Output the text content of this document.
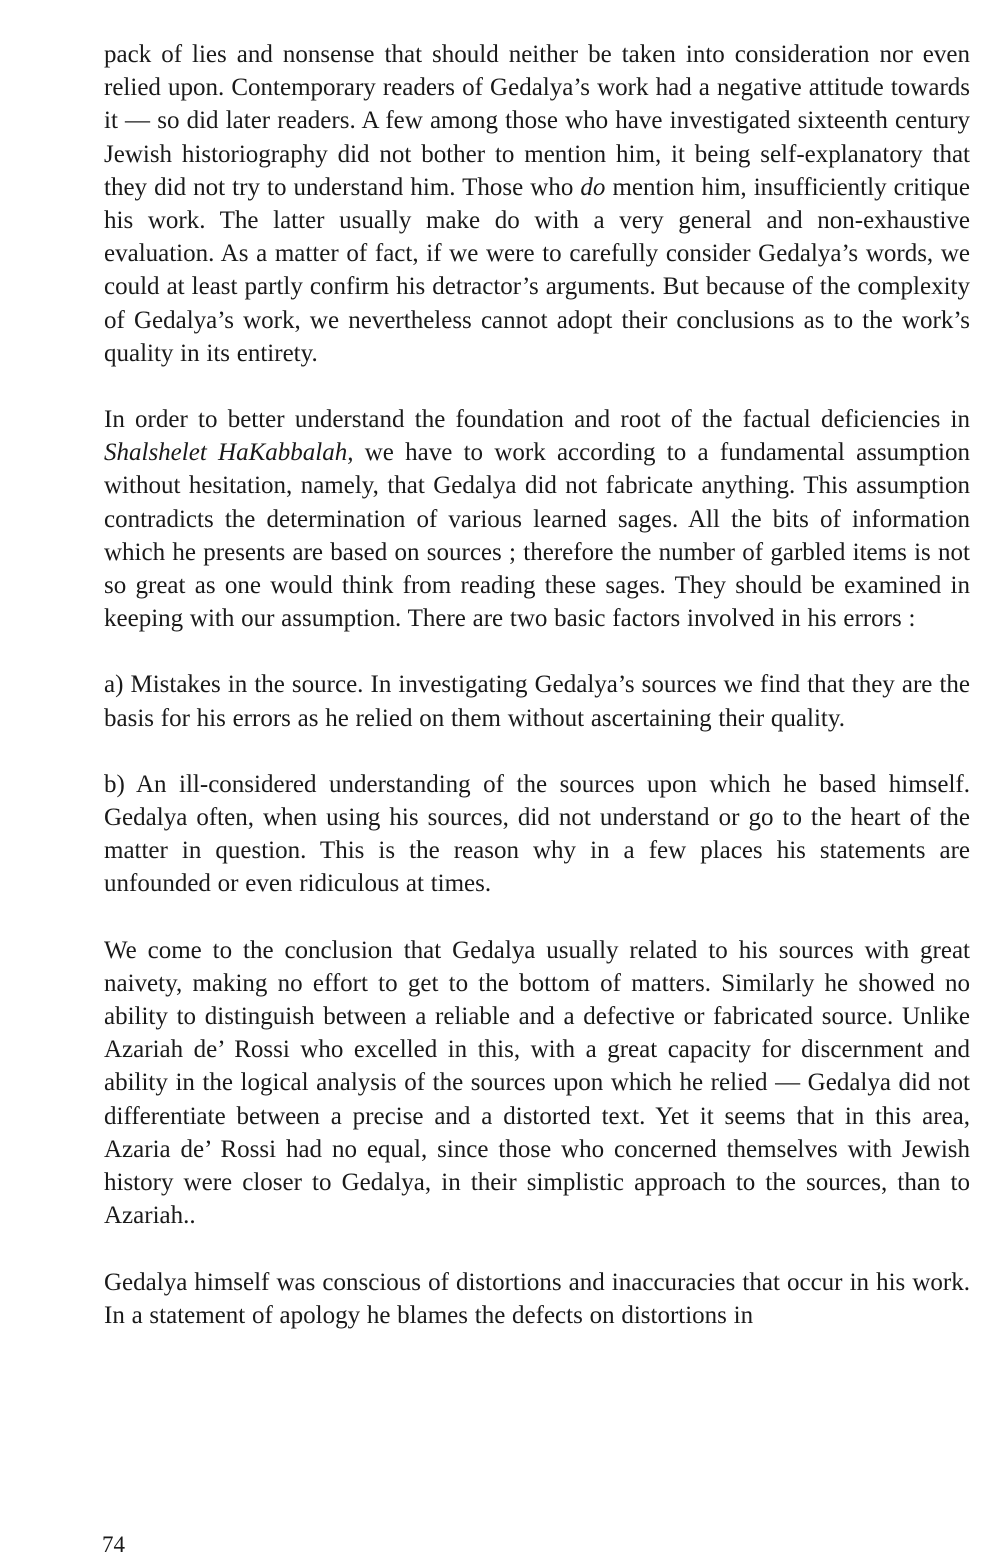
pack of lies and nonsense that should neither be taken into consideration nor even relied upon. Contemporary readers of Gedalya’s work had a negative attitude towards it — so did later readers. A few among those who have investigated sixteenth century Jewish historiography did not bother to mention him, it being self-explanatory that they did not try to understand him. Those who do mention him, insufficiently critique his work. The latter usually make do with a very general and non-exhaustive evaluation. As a matter of fact, if we were to carefully consider Gedalya’s words, we could at least partly confirm his detractor’s arguments. But because of the complexity of Gedalya’s work, we nevertheless cannot adopt their conclusions as to the work’s quality in its entirety.

In order to better understand the foundation and root of the factual deficiencies in Shalshelet HaKabbalah, we have to work according to a fundamental assumption without hesitation, namely, that Gedalya did not fabricate anything. This assumption contradicts the determination of various learned sages. All the bits of information which he presents are based on sources ; therefore the number of garbled items is not so great as one would think from reading these sages. They should be examined in keeping with our assumption. There are two basic factors involved in his errors :

a) Mistakes in the source. In investigating Gedalya’s sources we find that they are the basis for his errors as he relied on them without ascertaining their quality.

b) An ill-considered understanding of the sources upon which he based himself. Gedalya often, when using his sources, did not understand or go to the heart of the matter in question. This is the reason why in a few places his statements are unfounded or even ridiculous at times.

We come to the conclusion that Gedalya usually related to his sources with great naivety, making no effort to get to the bottom of matters. Similarly he showed no ability to distinguish between a reliable and a defective or fabricated source. Unlike Azariah de’ Rossi who excelled in this, with a great capacity for discernment and ability in the logical analysis of the sources upon which he relied — Gedalya did not differentiate between a precise and a distorted text. Yet it seems that in this area, Azaria de’ Rossi had no equal, since those who concerned themselves with Jewish history were closer to Gedalya, in their simplistic approach to the sources, than to Azariah..

Gedalya himself was conscious of distortions and inaccuracies that occur in his work. In a statement of apology he blames the defects on distortions in

74
